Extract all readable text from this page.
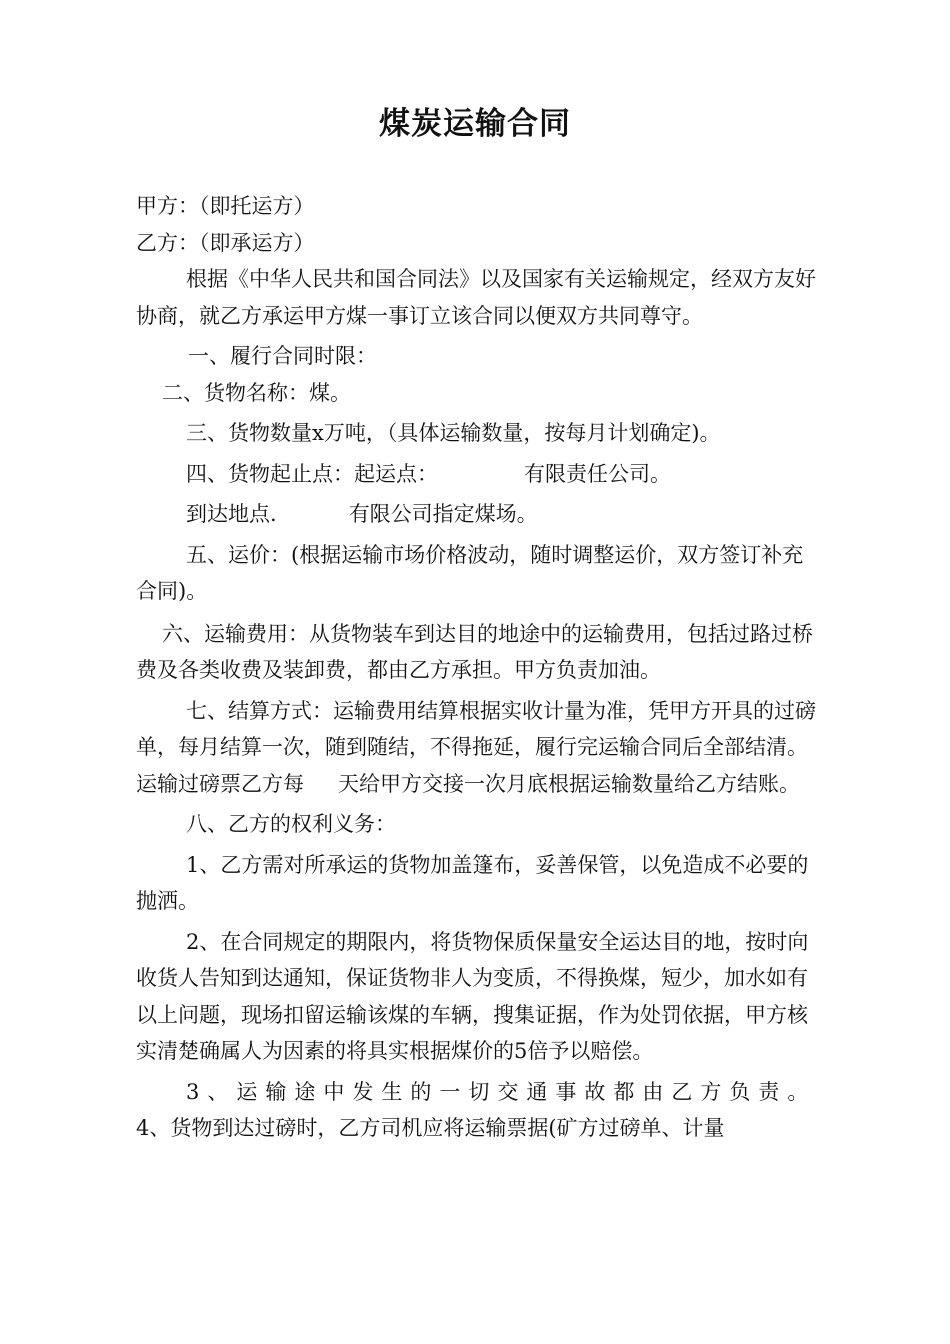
煤炭运输合同

甲方：（即托运方）

乙方：（即承运方）

根据《中华人民共和国合同法》以及国家有关运输规定，经双方友好协商，就乙方承运甲方煤一事订立该合同以便双方共同尊守。

一、履行合同时限：

二、货物名称：煤。

三、货物数量x万吨，（具体运输数量，按每月计划确定)。

四、货物起止点：起运点：	有限责任公司。

到达地点.	有限公司指定煤场。

五、运价：(根据运输市场价格波动，随时调整运价，双方签订补充合同)。

六、运输费用：从货物装车到达目的地途中的运输费用，包括过路过桥费及各类收费及装卸费，都由乙方承担。甲方负责加油。

七、结算方式：运输费用结算根据实收计量为准，凭甲方开具的过磅单，每月结算一次，随到随结，不得拖延，履行完运输合同后全部结清。运输过磅票乙方每 天给甲方交接一次月底根据运输数量给乙方结账。

八、乙方的权利义务：

1、乙方需对所承运的货物加盖篷布，妥善保管，以免造成不必要的抛洒。

2、在合同规定的期限内，将货物保质保量安全运达目的地，按时向收货人告知到达通知，保证货物非人为变质，不得换煤，短少，加水如有以上问题，现场扣留运输该煤的车辆，搜集证据，作为处罚依据，甲方核实清楚确属人为因素的将具实根据煤价的5倍予以赔偿。

3、运输途中发生的一切交通事故都由乙方负责。

4、货物到达过磅时，乙方司机应将运输票据(矿方过磅单、计量
